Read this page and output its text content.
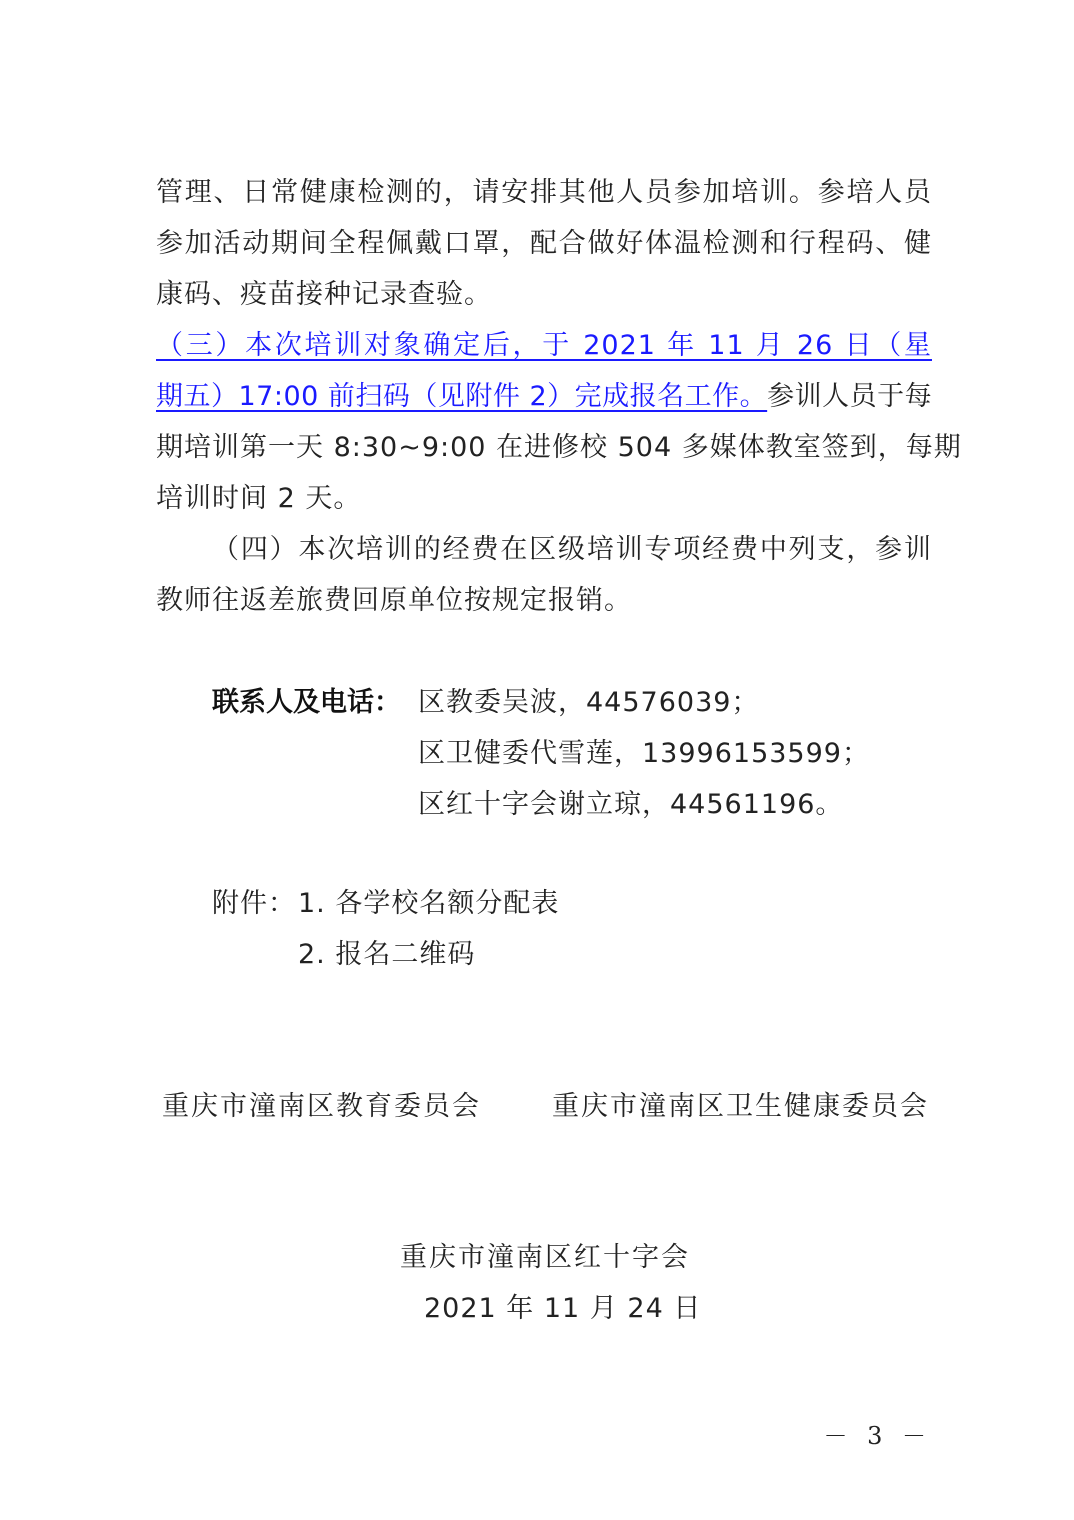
管理、日常健康检测的，请安排其他人员参加培训。参培人员
参加活动期间全程佩戴口罩，配合做好体温检测和行程码、健
康码、疫苗接种记录查验。
（三）本次培训对象确定后，于 2021 年 11 月 26 日（星
期五）17:00 前扫码（见附件 2）完成报名工作。参训人员于每
期培训第一天 8:30~9:00 在进修校 504 多媒体教室签到，每期
培训时间 2 天。
（四）本次培训的经费在区级培训专项经费中列支，参训
教师往返差旅费回原单位按规定报销。
联系人及电话： 区教委吴波，44576039；
区卫健委代雪莲，13996153599；
区红十字会谢立琼，44561196。
附件： 1. 各学校名额分配表
2. 报名二维码
重庆市潼南区教育委员会	重庆市潼南区卫生健康委员会
重庆市潼南区红十字会
2021 年 11 月 24 日
－ 3 －
